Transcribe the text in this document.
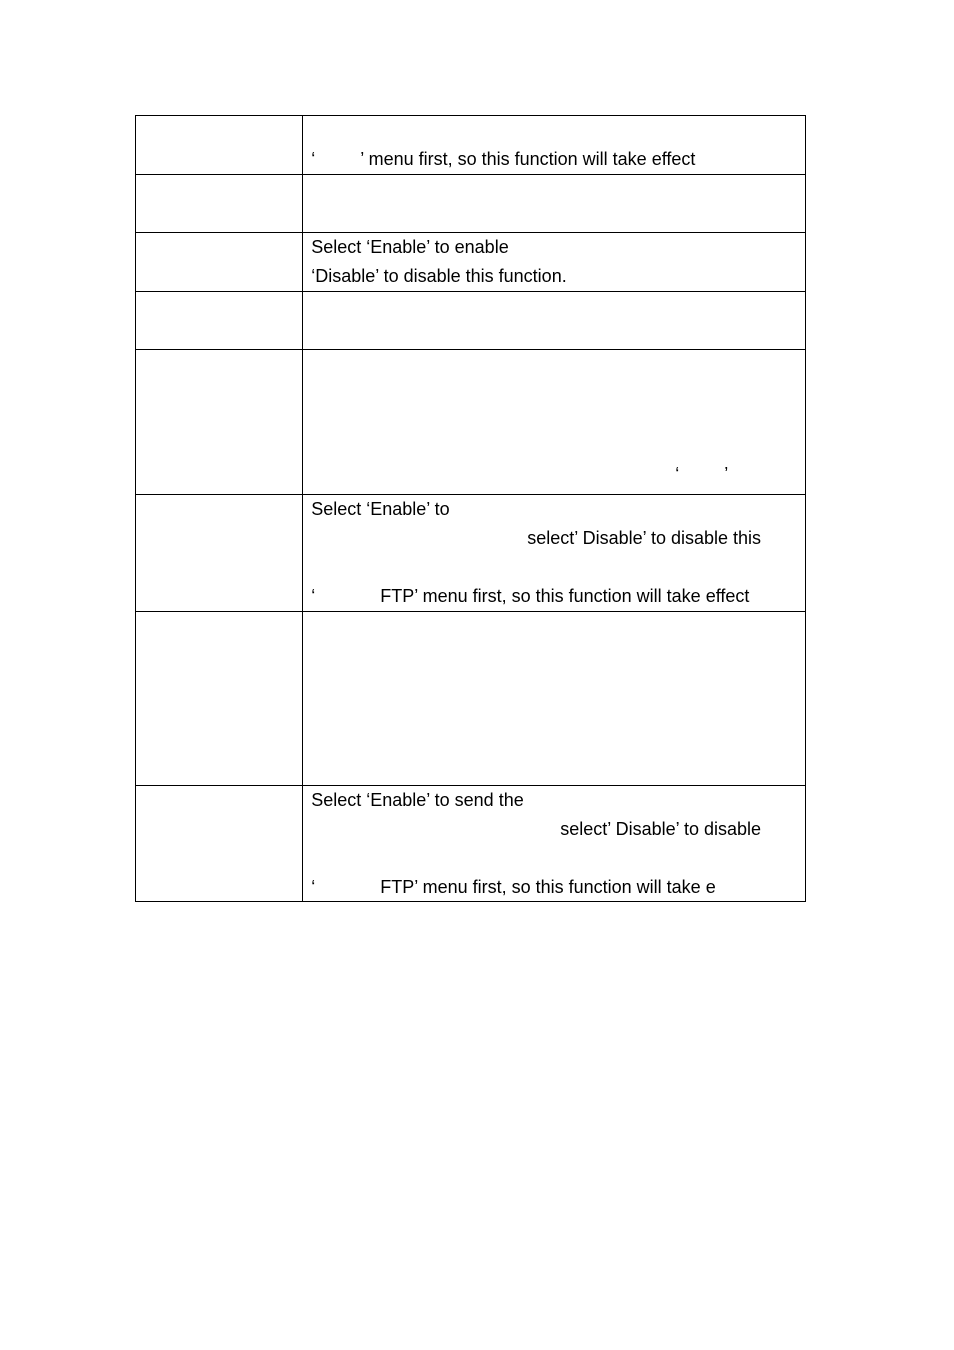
	‘         ’ menu first, so this function will take effect

	Select ‘Enable’ to enable
‘Disable’ to disable this function.

	‘         ’

	Select ‘Enable’ to
select’ Disable’ to disable this
‘             FTP’ menu first, so this function will take effect

	Select ‘Enable’ to send the
select’ Disable’ to disable
‘             FTP’ menu first, so this function will take e
